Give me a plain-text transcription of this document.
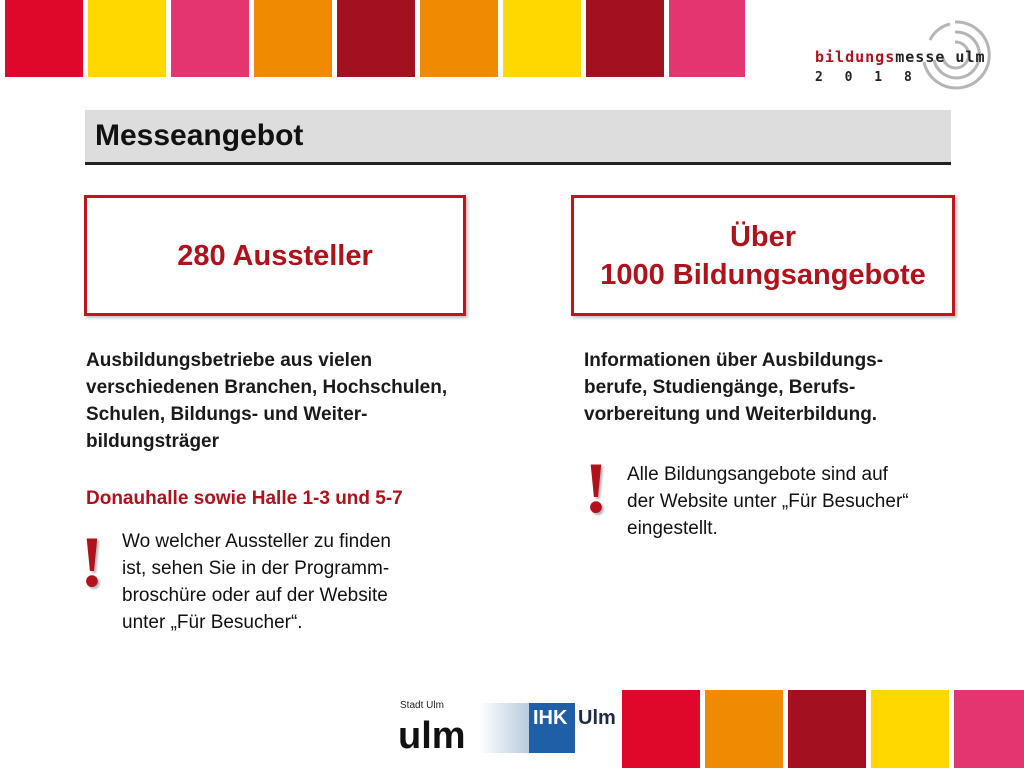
bildungsmesse ulm
2 0 1 8
Messeangebot
280 Aussteller
Über
1000 Bildungsangebote
Ausbildungsbetriebe aus vielen
verschiedenen Branchen, Hochschulen,
Schulen, Bildungs- und Weiter-
bildungsträger
Donauhalle sowie Halle 1-3 und 5-7
! Wo welcher Aussteller zu finden
ist, sehen Sie in der Programm-
broschüre oder auf der Website
unter „Für Besucher“.
Informationen über Ausbildungs-
berufe, Studiengänge, Berufs-
vorbereitung und Weiterbildung.
! Alle Bildungsangebote sind auf
der Website unter „Für Besucher“
eingestellt.
Stadt Ulm
ulm	IHK Ulm
